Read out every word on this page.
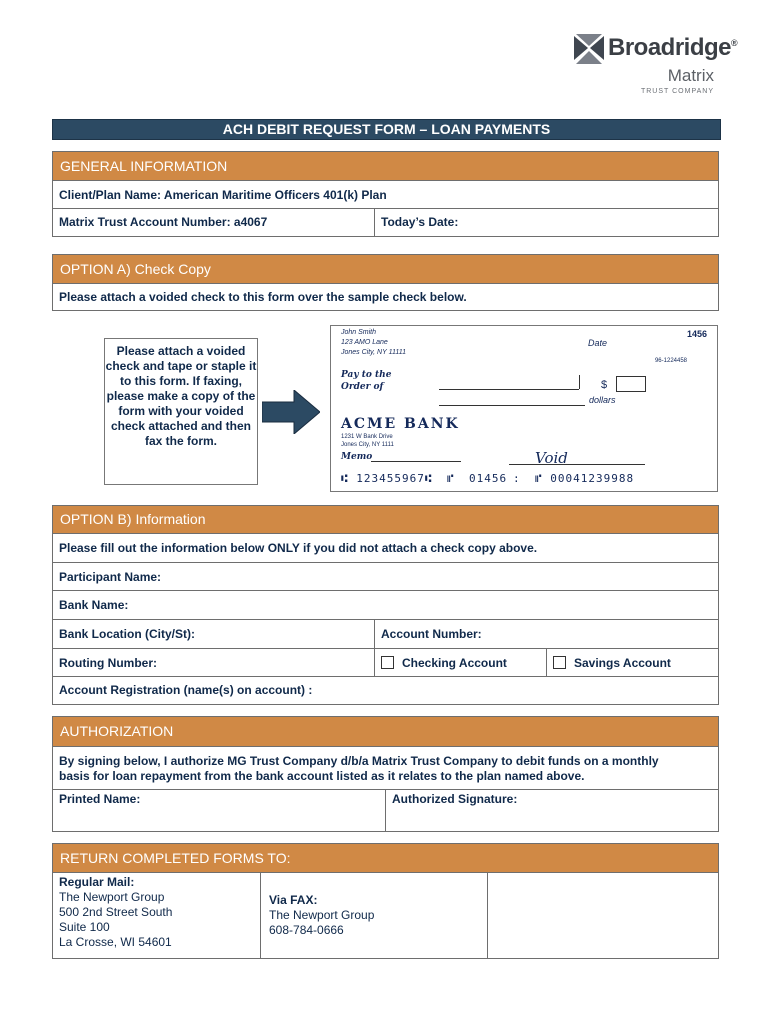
Broadridge®
Matrix
TRUST COMPANY
ACH DEBIT REQUEST FORM – LOAN PAYMENTS
GENERAL INFORMATION
Client/Plan Name: American Maritime Officers 401(k) Plan
Matrix Trust Account Number: a4067	Today’s Date:
OPTION A) Check Copy
Please attach a voided check to this form over the sample check below.
Please attach a voided check and tape or staple it to this form. If faxing, please make a copy of the form with your voided check attached and then fax the form.
John Smith
123 AMO Lane
Jones City, NY 11111
1456
Date
96-1224458
Pay to the
Order of	$
dollars
ACME BANK
1231 W Bank Drive
Jones City, NY 1111
Memo	Void
⑆ 123455967⑆ ⑈ 01456 : ⑈ 00041239988
OPTION B) Information
Please fill out the information below ONLY if you did not attach a check copy above.
Participant Name:
Bank Name:
Bank Location (City/St):	Account Number:
Routing Number:	Checking Account	Savings Account
Account Registration (name(s) on account) :
AUTHORIZATION
By signing below, I authorize MG Trust Company d/b/a Matrix Trust Company to debit funds on a monthly
basis for loan repayment from the bank account listed as it relates to the plan named above.
Printed Name:	Authorized Signature:
RETURN COMPLETED FORMS TO:
Regular Mail:
The Newport Group
500 2nd Street South
Suite 100
La Crosse, WI 54601
Via FAX:
The Newport Group
608-784-0666
